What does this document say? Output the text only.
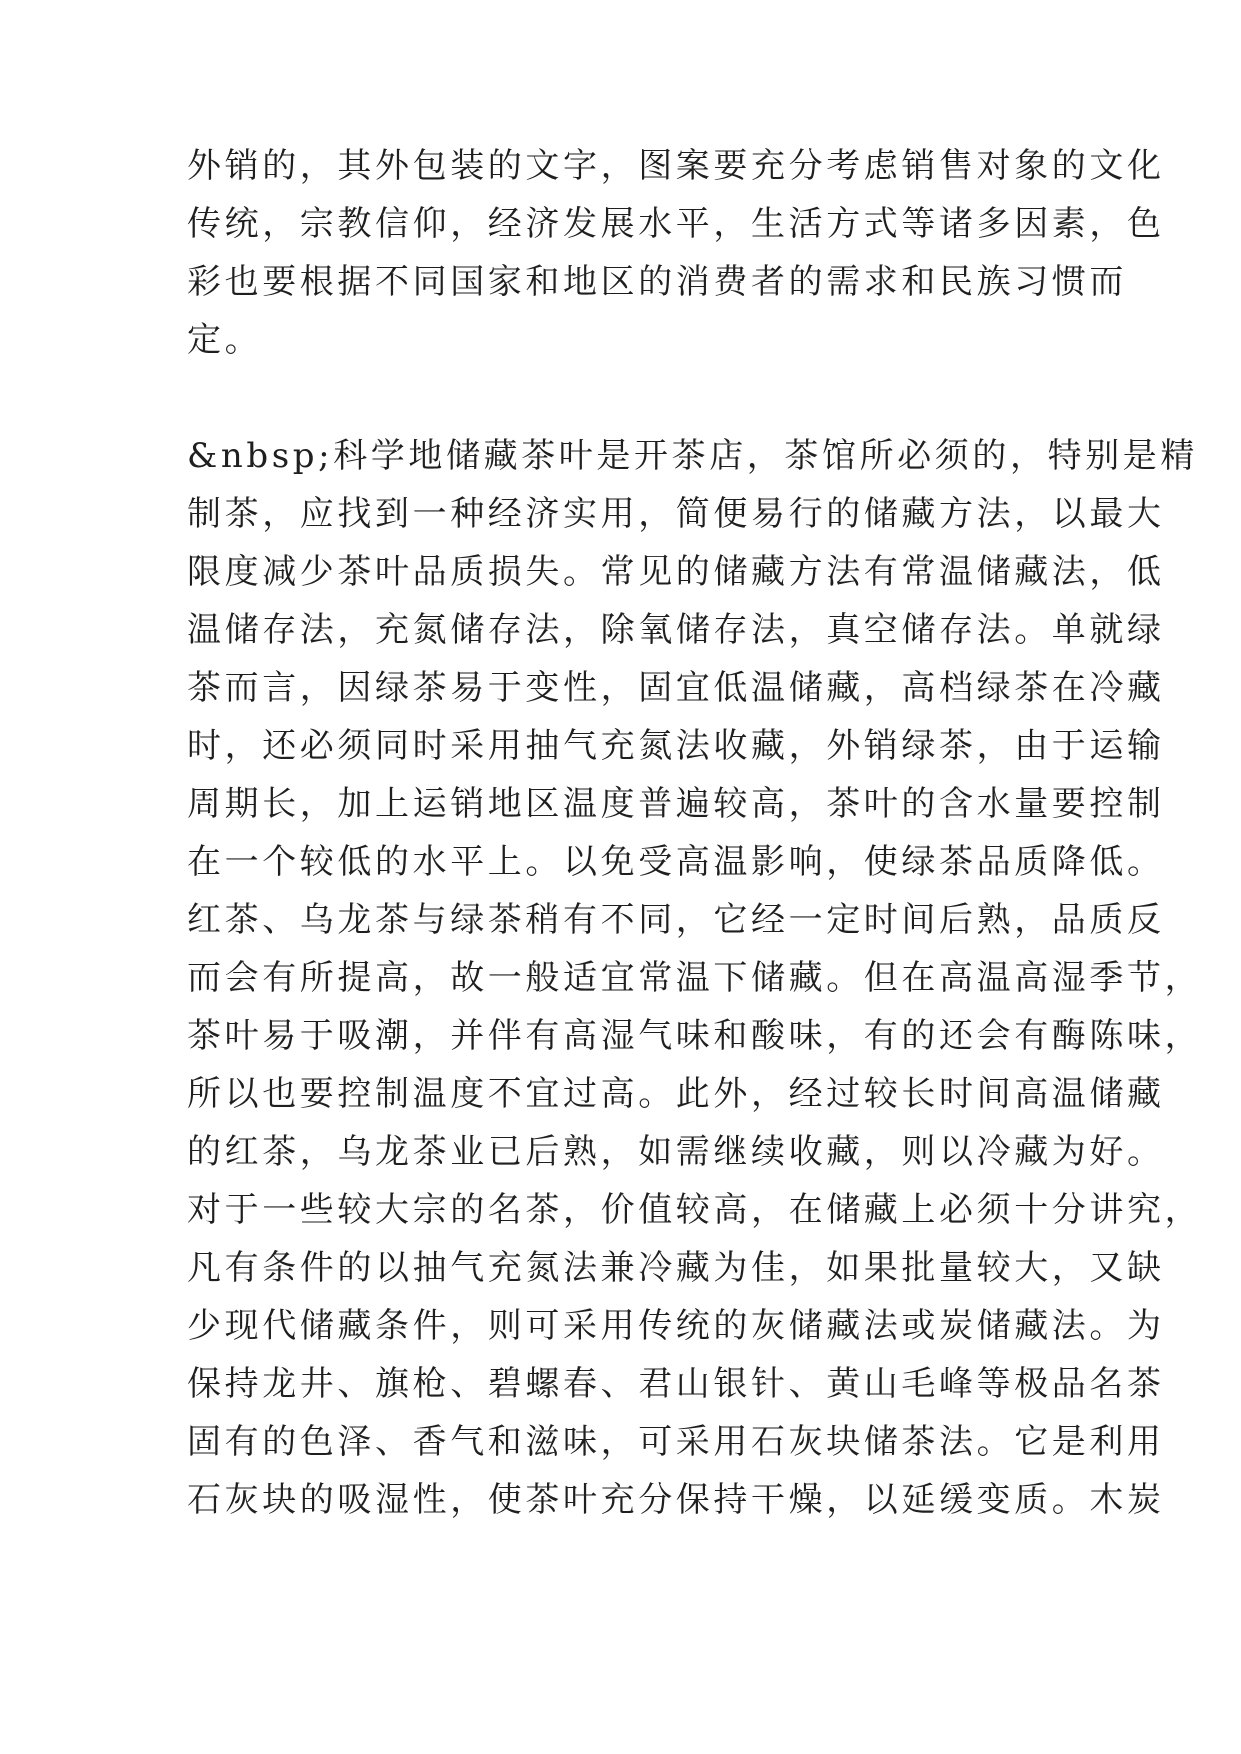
外销的，其外包装的文字，图案要充分考虑销售对象的文化

传统，宗教信仰，经济发展水平，生活方式等诸多因素，色

彩也要根据不同国家和地区的消费者的需求和民族习惯而

定。

&nbsp;科学地储藏茶叶是开茶店，茶馆所必须的，特别是精

制茶，应找到一种经济实用，简便易行的储藏方法，以最大

限度减少茶叶品质损失。常见的储藏方法有常温储藏法，低

温储存法，充氮储存法，除氧储存法，真空储存法。单就绿

茶而言，因绿茶易于变性，固宜低温储藏，高档绿茶在冷藏

时，还必须同时采用抽气充氮法收藏，外销绿茶，由于运输

周期长，加上运销地区温度普遍较高，茶叶的含水量要控制

在一个较低的水平上。以免受高温影响，使绿茶品质降低。

红茶、乌龙茶与绿茶稍有不同，它经一定时间后熟，品质反

而会有所提高，故一般适宜常温下储藏。但在高温高湿季节，

茶叶易于吸潮，并伴有高湿气味和酸味，有的还会有酶陈味，

所以也要控制温度不宜过高。此外，经过较长时间高温储藏

的红茶，乌龙茶业已后熟，如需继续收藏，则以冷藏为好。

对于一些较大宗的名茶，价值较高，在储藏上必须十分讲究，

凡有条件的以抽气充氮法兼冷藏为佳，如果批量较大，又缺

少现代储藏条件，则可采用传统的灰储藏法或炭储藏法。为

保持龙井、旗枪、碧螺春、君山银针、黄山毛峰等极品名茶

固有的色泽、香气和滋味，可采用石灰块储茶法。它是利用

石灰块的吸湿性，使茶叶充分保持干燥，以延缓变质。木炭
